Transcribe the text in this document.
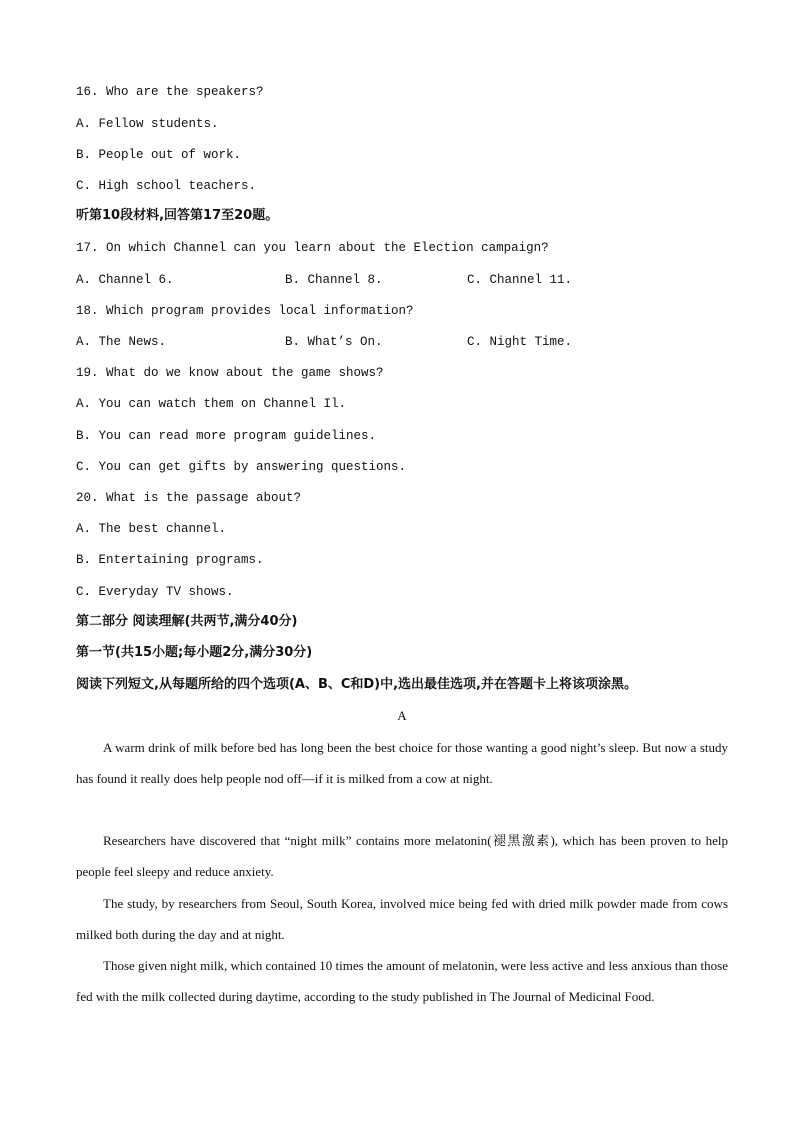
16. Who are the speakers?
A. Fellow students.
B. People out of work.
C. High school teachers.
听第10段材料,回答第17至20题。
17. On which Channel can you learn about the Election campaign?
A. Channel 6.	B. Channel 8.	C. Channel 11.
18. Which program provides local information?
A. The News.	B. What’s On.	C. Night Time.
19. What do we know about the game shows?
A. You can watch them on Channel Il.
B. You can read more program guidelines.
C. You can get gifts by answering questions.
20. What is the passage about?
A. The best channel.
B. Entertaining programs.
C. Everyday TV shows.
第二部分 阅读理解(共两节,满分40分)
第一节(共15小题;每小题2分,满分30分)
阅读下列短文,从每题所给的四个选项(A、B、C和D)中,选出最佳选项,并在答题卡上将该项涂黑。
A
A warm drink of milk before bed has long been the best choice for those wanting a good night’s sleep. But now a study has found it really does help people nod off—if it is milked from a cow at night.
Researchers have discovered that “night milk” contains more melatonin(褪黑激素), which has been proven to help people feel sleepy and reduce anxiety.
The study, by researchers from Seoul, South Korea, involved mice being fed with dried milk powder made from cows milked both during the day and at night.
Those given night milk, which contained 10 times the amount of melatonin, were less active and less anxious than those fed with the milk collected during daytime, according to the study published in The Journal of Medicinal Food.
